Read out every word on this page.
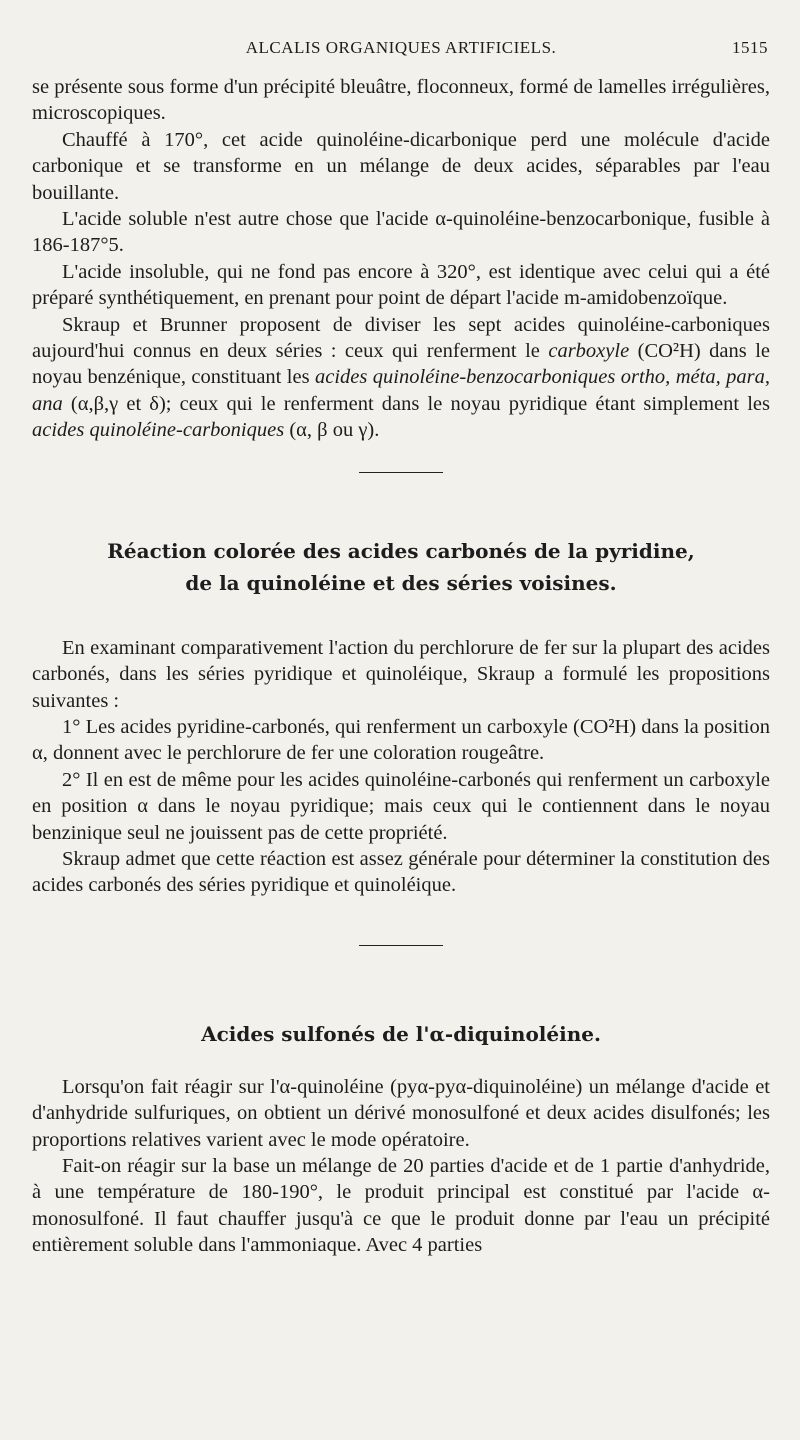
ALCALIS ORGANIQUES ARTIFICIELS.	1515

se présente sous forme d'un précipité bleuâtre, floconneux, formé de lamelles irrégulières, microscopiques.

Chauffé à 170°, cet acide quinoléine-dicarbonique perd une molécule d'acide carbonique et se transforme en un mélange de deux acides, séparables par l'eau bouillante.

L'acide soluble n'est autre chose que l'acide α-quinoléine-benzocarbonique, fusible à 186-187°5.

L'acide insoluble, qui ne fond pas encore à 320°, est identique avec celui qui a été préparé synthétiquement, en prenant pour point de départ l'acide m-amidobenzoïque.

Skraup et Brunner proposent de diviser les sept acides quinoléine-carboniques aujourd'hui connus en deux séries : ceux qui renferment le carboxyle (CO²H) dans le noyau benzénique, constituant les acides quinoléine-benzocarboniques ortho, méta, para, ana (α,β,γ et δ); ceux qui le renferment dans le noyau pyridique étant simplement les acides quinoléine-carboniques (α, β ou γ).

Réaction colorée des acides carbonés de la pyridine,
de la quinoléine et des séries voisines.

En examinant comparativement l'action du perchlorure de fer sur la plupart des acides carbonés, dans les séries pyridique et quinoléique, Skraup a formulé les propositions suivantes :

1° Les acides pyridine-carbonés, qui renferment un carboxyle (CO²H) dans la position α, donnent avec le perchlorure de fer une coloration rougeâtre.

2° Il en est de même pour les acides quinoléine-carbonés qui renferment un carboxyle en position α dans le noyau pyridique; mais ceux qui le contiennent dans le noyau benzinique seul ne jouissent pas de cette propriété.

Skraup admet que cette réaction est assez générale pour déterminer la constitution des acides carbonés des séries pyridique et quinoléique.

Acides sulfonés de l'α-diquinoléine.

Lorsqu'on fait réagir sur l'α-quinoléine (pyα-pyα-diquinoléine) un mélange d'acide et d'anhydride sulfuriques, on obtient un dérivé monosulfoné et deux acides disulfonés; les proportions relatives varient avec le mode opératoire.

Fait-on réagir sur la base un mélange de 20 parties d'acide et de 1 partie d'anhydride, à une température de 180-190°, le produit principal est constitué par l'acide α-monosulfoné. Il faut chauffer jusqu'à ce que le produit donne par l'eau un précipité entièrement soluble dans l'ammoniaque. Avec 4 parties
